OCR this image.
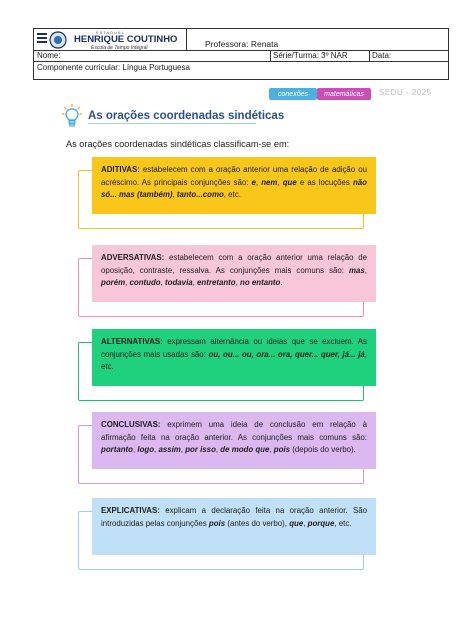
ESTADUAL
HENRIQUE COUTINHO
Escola de Tempo Integral	Professora: Renata
Nome:	Série/Turma: 3º NAR	Data:
Componente curricular: Língua Portuguesa
conexões	matemáticas	SEDU - 2025
As orações coordenadas sindéticas
As orações coordenadas sindéticas classificam-se em:
ADITIVAS: estabelecem com a oração anterior uma relação de adição ou acréscimo. As principais conjunções são: e, nem, que e as locuções não só... mas (também), tanto...como, etc.
ADVERSATIVAS: estabelecem com a oração anterior uma relação de oposição, contraste, ressalva. As conjunções mais comuns são: mas, porém, contudo, todavia, entretanto, no entanto.
ALTERNATIVAS: expressam alternância ou ideias que se excluem. As conjunções mais usadas são: ou, ou... ou, ora... ora, quer... quer, já... já, etc.
CONCLUSIVAS: exprimem uma ideia de conclusão em relação à afirmação feita na oração anterior. As conjunções mais comuns são: portanto, logo, assim, por isso, de modo que, pois (depois do verbo).
EXPLICATIVAS: explicam a declaração feita na oração anterior. São introduzidas pelas conjunções pois (antes do verbo), que, porque, etc.
